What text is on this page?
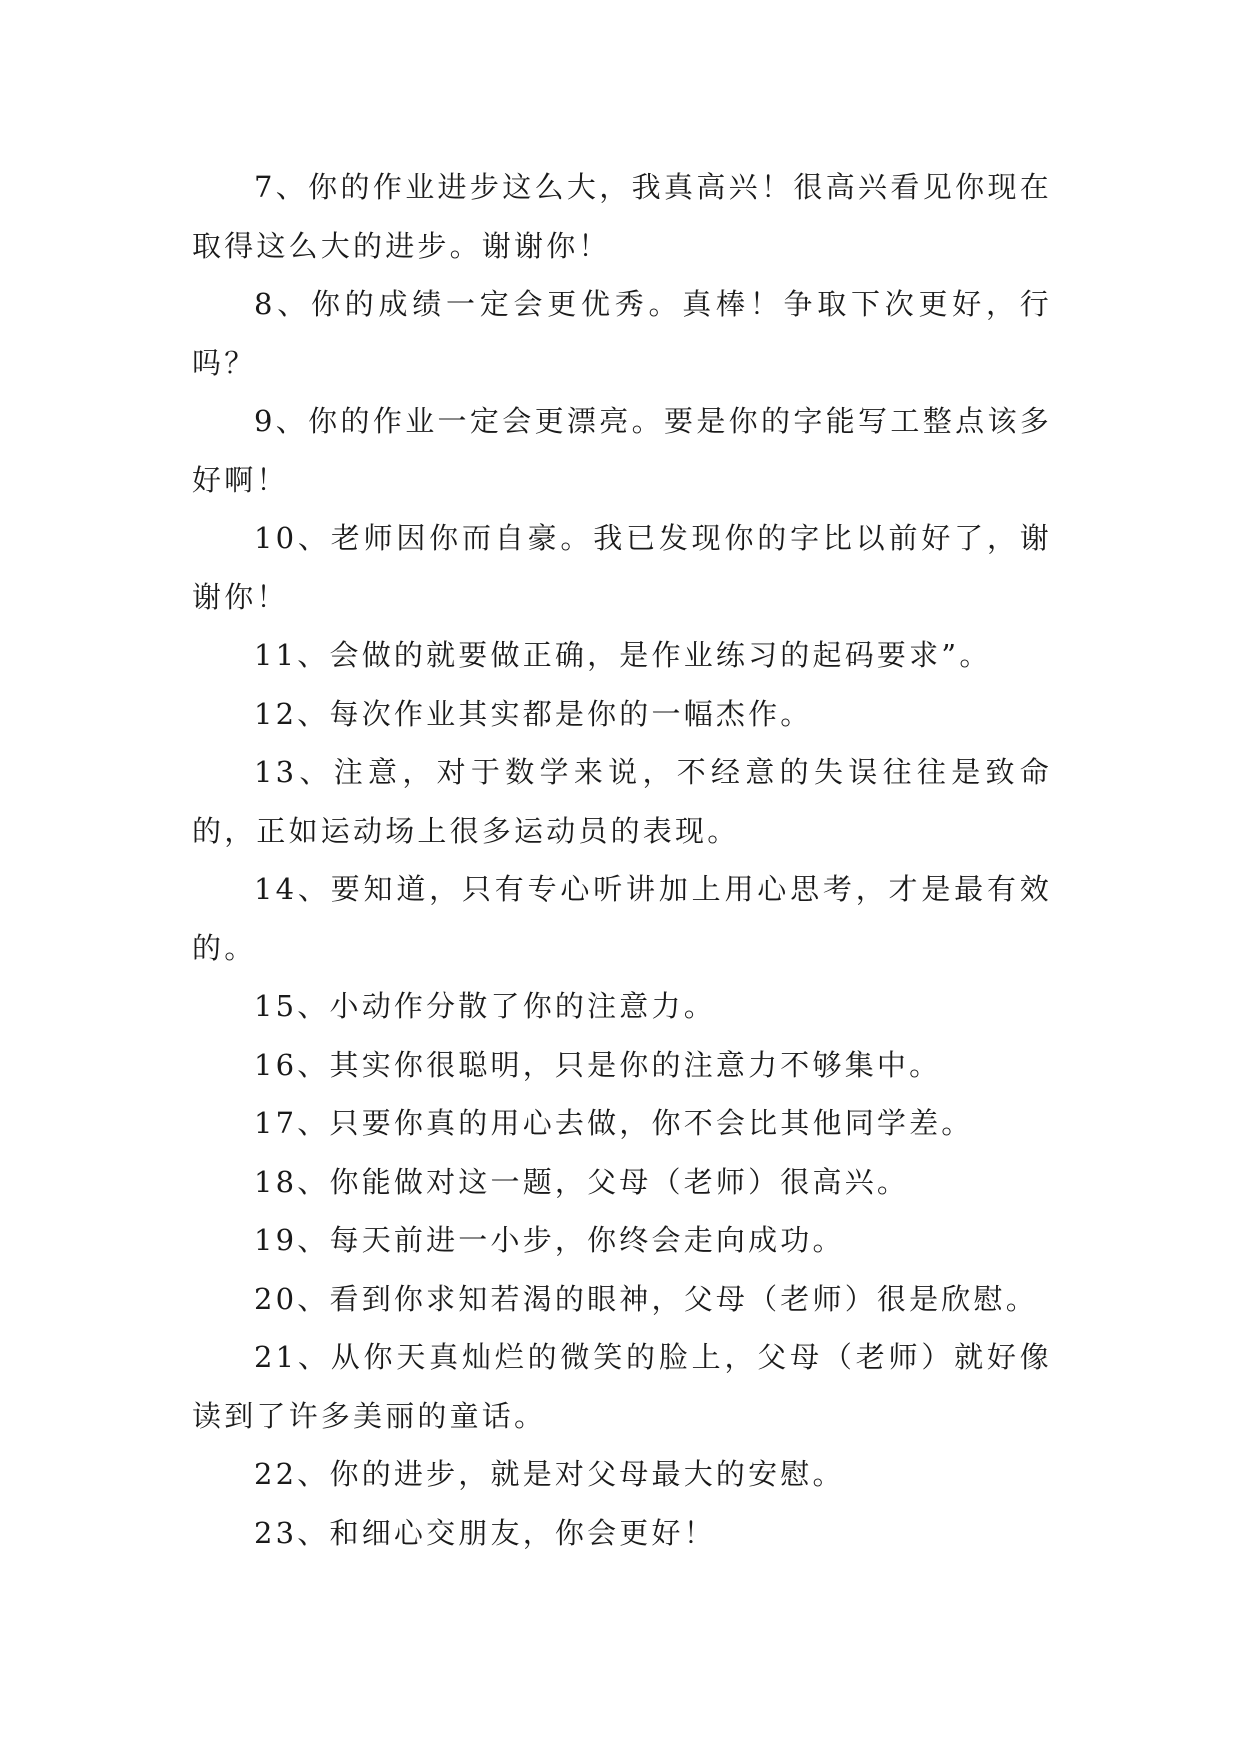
7、你的作业进步这么大，我真高兴！很高兴看见你现在取得这么大的进步。谢谢你！

8、你的成绩一定会更优秀。真棒！争取下次更好，行吗？

9、你的作业一定会更漂亮。要是你的字能写工整点该多好啊！

10、老师因你而自豪。我已发现你的字比以前好了，谢谢你！

11、会做的就要做正确，是作业练习的起码要求”。

12、每次作业其实都是你的一幅杰作。

13、注意，对于数学来说，不经意的失误往往是致命的，正如运动场上很多运动员的表现。

14、要知道，只有专心听讲加上用心思考，才是最有效的。

15、小动作分散了你的注意力。

16、其实你很聪明，只是你的注意力不够集中。

17、只要你真的用心去做，你不会比其他同学差。

18、你能做对这一题，父母（老师）很高兴。

19、每天前进一小步，你终会走向成功。

20、看到你求知若渴的眼神，父母（老师）很是欣慰。

21、从你天真灿烂的微笑的脸上，父母（老师）就好像读到了许多美丽的童话。

22、你的进步，就是对父母最大的安慰。

23、和细心交朋友，你会更好！
